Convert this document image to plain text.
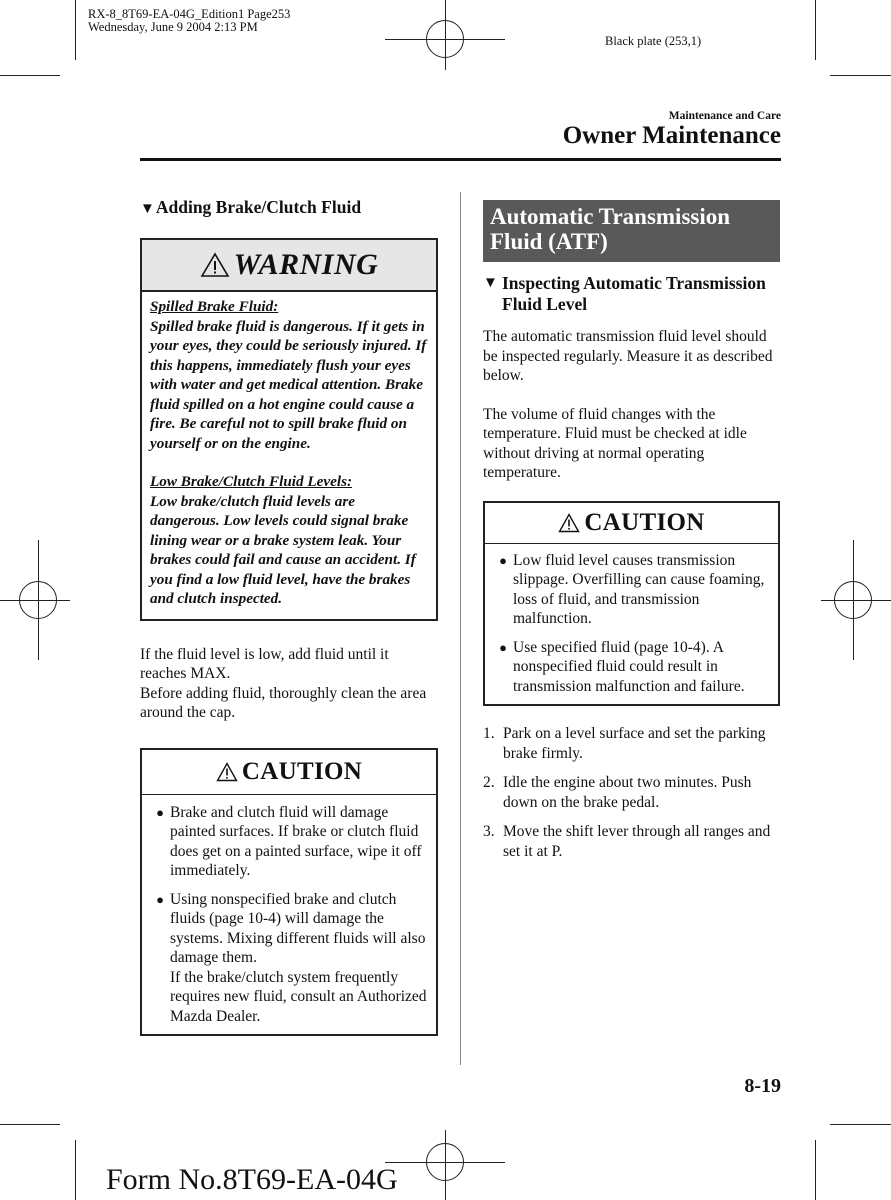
RX-8_8T69-EA-04G_Edition1 Page253
Wednesday, June 9 2004 2:13 PM
Black plate (253,1)
Maintenance and Care
Owner Maintenance
▼Adding Brake/Clutch Fluid
WARNING
Spilled Brake Fluid:

Spilled brake fluid is dangerous. If it gets in your eyes, they could be seriously injured. If this happens, immediately flush your eyes with water and get medical attention. Brake fluid spilled on a hot engine could cause a fire. Be careful not to spill brake fluid on yourself or on the engine.

Low Brake/Clutch Fluid Levels:

Low brake/clutch fluid levels are dangerous. Low levels could signal brake lining wear or a brake system leak. Your brakes could fail and cause an accident. If you find a low fluid level, have the brakes and clutch inspected.

If the fluid level is low, add fluid until it reaches MAX.

Before adding fluid, thoroughly clean the area around the cap.

CAUTION
● Brake and clutch fluid will damage painted surfaces. If brake or clutch fluid does get on a painted surface, wipe it off immediately.
● Using nonspecified brake and clutch fluids (page 10-4) will damage the systems. Mixing different fluids will also damage them.
If the brake/clutch system frequently requires new fluid, consult an Authorized Mazda Dealer.
Automatic Transmission Fluid (ATF)
▼ Inspecting Automatic Transmission Fluid Level

The automatic transmission fluid level should be inspected regularly. Measure it as described below.

The volume of fluid changes with the temperature. Fluid must be checked at idle without driving at normal operating temperature.

CAUTION
● Low fluid level causes transmission slippage. Overfilling can cause foaming, loss of fluid, and transmission malfunction.
● Use specified fluid (page 10-4). A nonspecified fluid could result in transmission malfunction and failure.
1. Park on a level surface and set the parking brake firmly.
2. Idle the engine about two minutes. Push down on the brake pedal.
3. Move the shift lever through all ranges and set it at P.
8-19
Form No.8T69-EA-04G
